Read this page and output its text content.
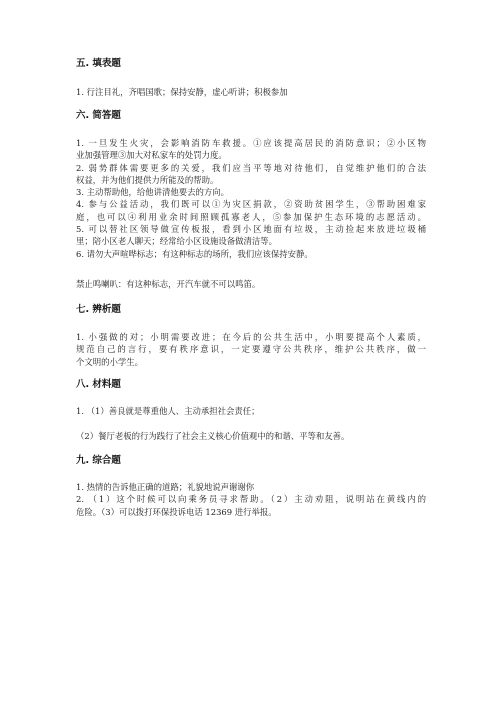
五. 填表题
1. 行注目礼，齐唱国歌；保持安静，虚心听讲；积极参加
六. 简答题
1. 一旦发生火灾，会影响消防车救援。①应该提高居民的消防意识；②小区物
业加强管理③加大对私家车的处罚力度。
2. 弱势群体需要更多的关爱，我们应当平等地对待他们，自觉维护他们的合法
权益，并为他们提供力所能及的帮助。
3. 主动帮助他，给他讲清他要去的方向。
4. 参与公益活动，我们既可以①为灾区捐款，②资助贫困学生，③帮助困难家
庭，也可以④利用业余时间照顾孤寡老人，⑤参加保护生态环境的志愿活动。
5. 可以替社区领导做宣传板报，看到小区地面有垃圾，主动捡起来放进垃圾桶
里；陪小区老人聊天；经常给小区设施设备做清洁等。
6. 请勿大声喧哗标志；有这种标志的场所，我们应该保持安静。
禁止鸣喇叭：有这种标志，开汽车就不可以鸣笛。
七. 辨析题
1. 小强做的对；小明需要改进；在今后的公共生活中，小明要提高个人素质，
规范自己的言行，要有秩序意识，一定要遵守公共秩序，维护公共秩序，做一
个文明的小学生。
八. 材料题
1. （1）善良就是尊重他人、主动承担社会责任；
（2）餐厅老板的行为践行了社会主义核心价值观中的和谐、平等和友善。
九. 综合题
1. 热情的告诉他正确的道路；礼貌地说声谢谢你
2. （1）这个时候可以向乘务员寻求帮助。（2）主动劝阻，说明站在黄线内的
危险。（3）可以拨打环保投诉电话 12369 进行举报。
